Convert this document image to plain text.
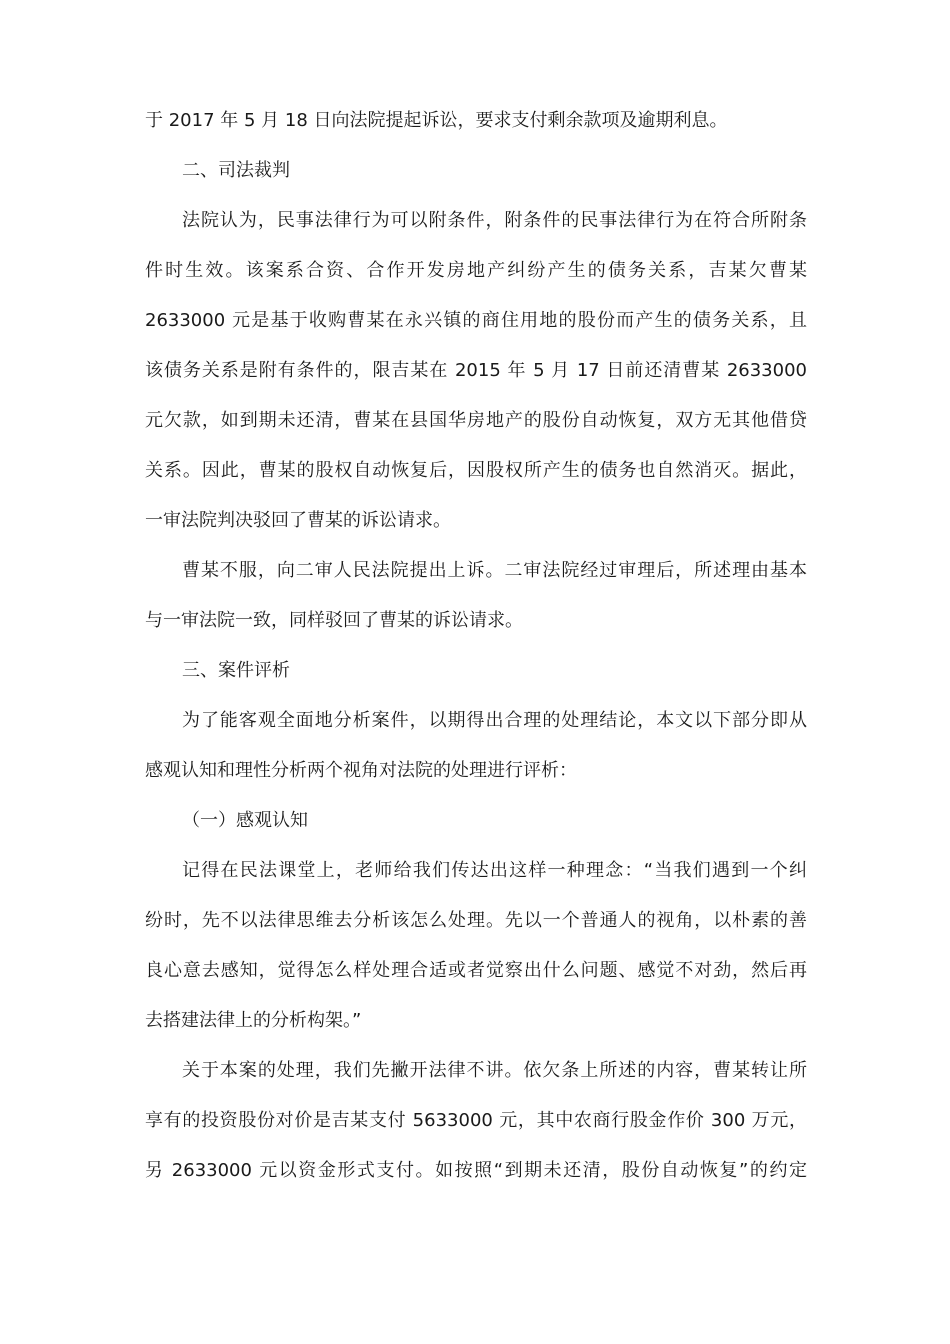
于 2017 年 5 月 18 日向法院提起诉讼，要求支付剩余款项及逾期利息。
二、司法裁判
法院认为，民事法律行为可以附条件，附条件的民事法律行为在符合所附条
件时生效。该案系合资、合作开发房地产纠纷产生的债务关系，吉某欠曹某
2633000 元是基于收购曹某在永兴镇的商住用地的股份而产生的债务关系，且
该债务关系是附有条件的，限吉某在 2015 年 5 月 17 日前还清曹某 2633000
元欠款，如到期未还清，曹某在县国华房地产的股份自动恢复，双方无其他借贷
关系。因此，曹某的股权自动恢复后，因股权所产生的债务也自然消灭。据此，
一审法院判决驳回了曹某的诉讼请求。
曹某不服，向二审人民法院提出上诉。二审法院经过审理后，所述理由基本
与一审法院一致，同样驳回了曹某的诉讼请求。
三、案件评析
为了能客观全面地分析案件，以期得出合理的处理结论，本文以下部分即从
感观认知和理性分析两个视角对法院的处理进行评析：
（一）感观认知
记得在民法课堂上，老师给我们传达出这样一种理念：“当我们遇到一个纠
纷时，先不以法律思维去分析该怎么处理。先以一个普通人的视角，以朴素的善
良心意去感知，觉得怎么样处理合适或者觉察出什么问题、感觉不对劲，然后再
去搭建法律上的分析构架。”
关于本案的处理，我们先撇开法律不讲。依欠条上所述的内容，曹某转让所
享有的投资股份对价是吉某支付 5633000 元，其中农商行股金作价 300 万元，
另 2633000 元以资金形式支付。如按照“到期未还清，股份自动恢复”的约定
